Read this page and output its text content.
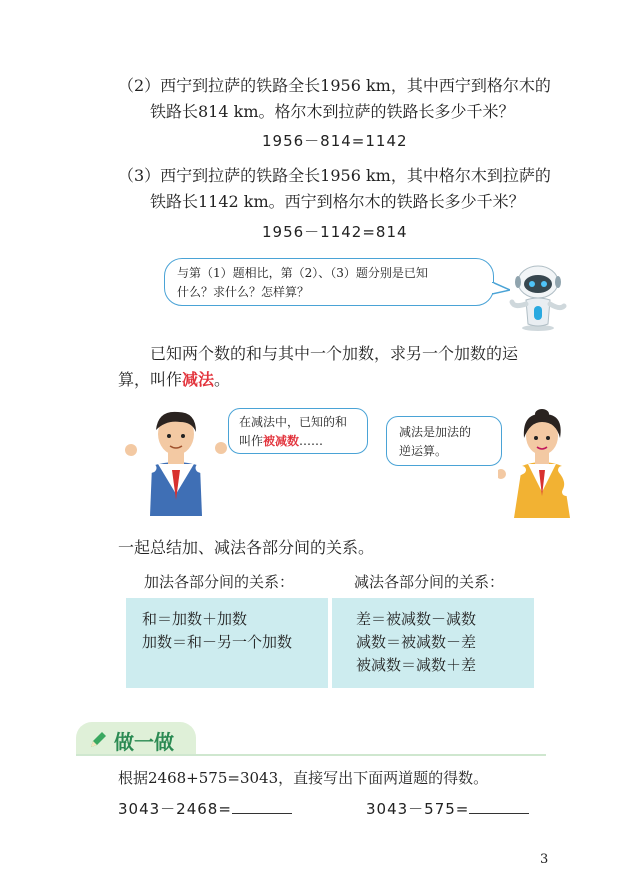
（2）西宁到拉萨的铁路全长1956 km，其中西宁到格尔木的
铁路长814 km。格尔木到拉萨的铁路长多少千米？
1956－814=1142
（3）西宁到拉萨的铁路全长1956 km，其中格尔木到拉萨的
铁路长1142 km。西宁到格尔木的铁路长多少千米？
1956－1142=814
与第（1）题相比，第（2）、（3）题分别是已知
什么？求什么？怎样算？
已知两个数的和与其中一个加数，求另一个加数的运
算，叫作减法。
在减法中，已知的和
叫作被减数……
减法是加法的
逆运算。
一起总结加、减法各部分间的关系。
加法各部分间的关系：	减法各部分间的关系：
和＝加数＋加数
加数＝和－另一个加数
差＝被减数－减数
减数＝被减数－差
被减数＝减数＋差
做一做
根据2468+575=3043，直接写出下面两道题的得数。
3043－2468=	3043－575=
3
